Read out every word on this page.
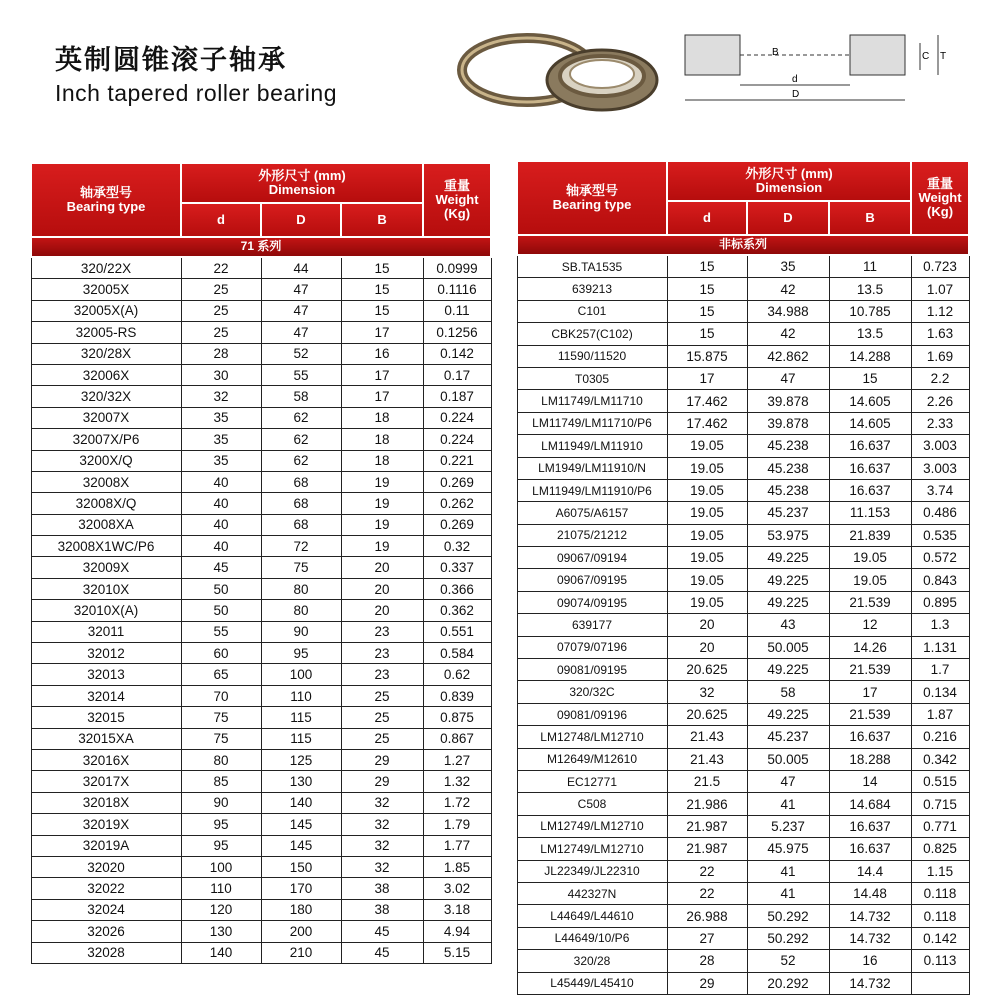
英制圆锥滚子轴承
Inch tapered roller bearing
B
d
D
C T
轴承型号
Bearing type	外形尺寸 (mm)
Dimension			重量
Weight
(Kg)
	d	D	B	
71 系列				
320/22X	22	44	15	0.0999
32005X	25	47	15	0.1116
32005X(A)	25	47	15	0.11
32005-RS	25	47	17	0.1256
320/28X	28	52	16	0.142
32006X	30	55	17	0.17
320/32X	32	58	17	0.187
32007X	35	62	18	0.224
32007X/P6	35	62	18	0.224
3200X/Q	35	62	18	0.221
32008X	40	68	19	0.269
32008X/Q	40	68	19	0.262
32008XA	40	68	19	0.269
32008X1WC/P6	40	72	19	0.32
32009X	45	75	20	0.337
32010X	50	80	20	0.366
32010X(A)	50	80	20	0.362
32011	55	90	23	0.551
32012	60	95	23	0.584
32013	65	100	23	0.62
32014	70	110	25	0.839
32015	75	115	25	0.875
32015XA	75	115	25	0.867
32016X	80	125	29	1.27
32017X	85	130	29	1.32
32018X	90	140	32	1.72
32019X	95	145	32	1.79
32019A	95	145	32	1.77
32020	100	150	32	1.85
32022	110	170	38	3.02
32024	120	180	38	3.18
32026	130	200	45	4.94
32028	140	210	45	5.15
轴承型号
Bearing type	外形尺寸 (mm)
Dimension			重量
Weight
(Kg)
	d	D	B	
非标系列				
SB.TA1535	15	35	11	0.723
639213	15	42	13.5	1.07
C101	15	34.988	10.785	1.12
CBK257(C102)	15	42	13.5	1.63
11590/11520	15.875	42.862	14.288	1.69
T0305	17	47	15	2.2
LM11749/LM11710	17.462	39.878	14.605	2.26
LM11749/LM11710/P6	17.462	39.878	14.605	2.33
LM11949/LM11910	19.05	45.238	16.637	3.003
LM1949/LM11910/N	19.05	45.238	16.637	3.003
LM11949/LM11910/P6	19.05	45.238	16.637	3.74
A6075/A6157	19.05	45.237	11.153	0.486
21075/21212	19.05	53.975	21.839	0.535
09067/09194	19.05	49.225	19.05	0.572
09067/09195	19.05	49.225	19.05	0.843
09074/09195	19.05	49.225	21.539	0.895
639177	20	43	12	1.3
07079/07196	20	50.005	14.26	1.131
09081/09195	20.625	49.225	21.539	1.7
320/32C	32	58	17	0.134
09081/09196	20.625	49.225	21.539	1.87
LM12748/LM12710	21.43	45.237	16.637	0.216
M12649/M12610	21.43	50.005	18.288	0.342
EC12771	21.5	47	14	0.515
C508	21.986	41	14.684	0.715
LM12749/LM12710	21.987	5.237	16.637	0.771
LM12749/LM12710	21.987	45.975	16.637	0.825
JL22349/JL22310	22	41	14.4	1.15
442327N	22	41	14.48	0.118
L44649/L44610	26.988	50.292	14.732	0.118
L44649/10/P6	27	50.292	14.732	0.142
320/28	28	52	16	0.113
L45449/L45410	29	20.292	14.732	
